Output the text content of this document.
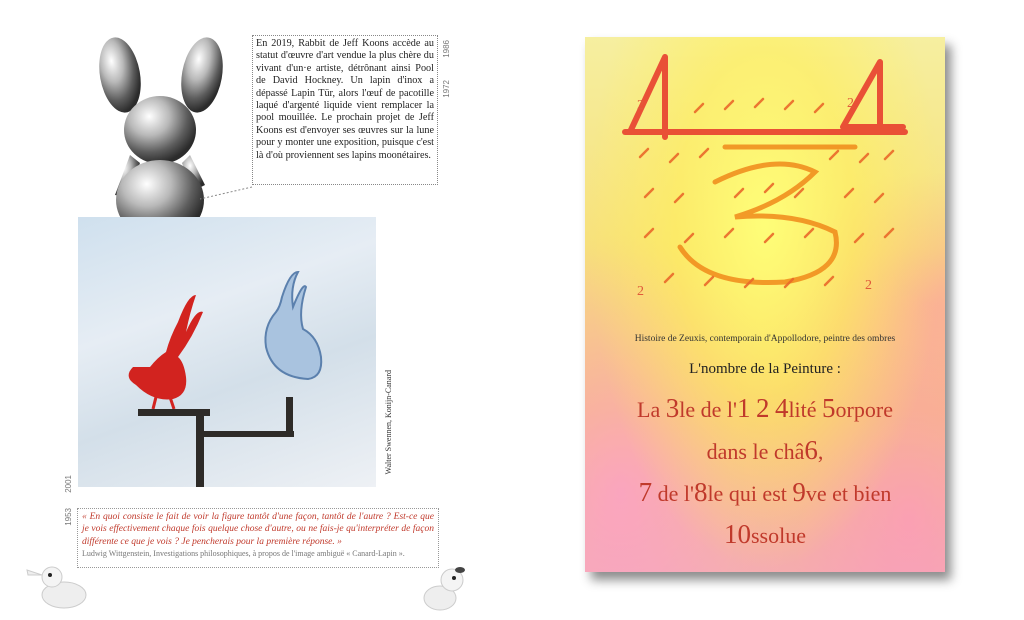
En 2019, Rabbit de Jeff Koons accède au statut d'œuvre d'art vendue la plus chère du vivant d'un·e artiste, détrônant ainsi Pool de David Hockney. Un lapin d'inox a dépassé Lapin Tür, alors l'œuf de pacotille laqué d'argenté liquide vient remplacer la pool mouillée. Le prochain projet de Jeff Koons est d'envoyer ses œuvres sur la lune pour y monter une exposition, puisque c'est là d'où proviennent ses lapins moonétaires.
1986
1972
Walter Swennen, Konijn-Canard
2001
1953 « En quoi consiste le fait de voir la figure tantôt d'une façon, tantôt de l'autre ? Est-ce que je vois effectivement chaque fois quelque chose d'autre, ou ne fais-je qu'interpréter de façon différente ce que je vois ? Je pencherais pour la première réponse. »
Ludwig Wittgenstein, Investigations philosophiques, à propos de l'image ambiguë « Canard-Lapin ».
2	2
2	2
Histoire de Zeuxis, contemporain d'Appollodore, peintre des ombres
L'nombre de la Peinture :
La 3le de l'1 2 4lité 5orpore
dans le châ6,
7 de l'8le qui est 9ve et bien
10ssolue
